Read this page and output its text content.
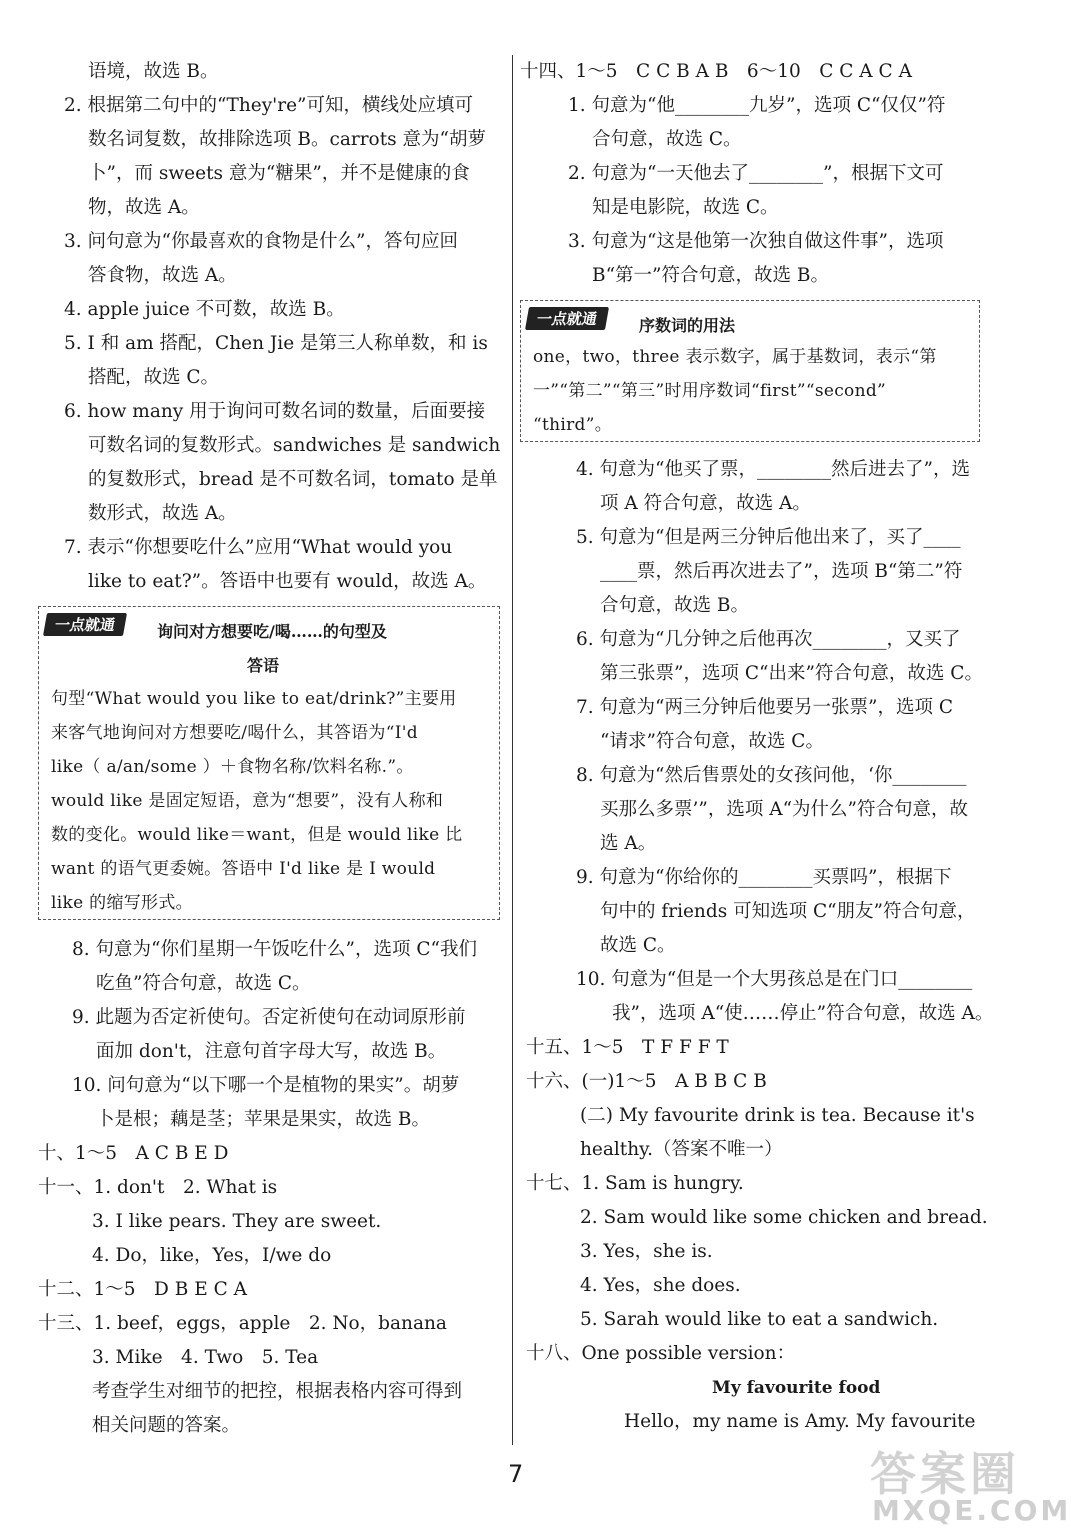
语境，故选 B。
2. 根据第二句中的“They're”可知，横线处应填可
数名词复数，故排除选项 B。carrots 意为“胡萝
卜”，而 sweets 意为“糖果”，并不是健康的食
物，故选 A。
3. 问句意为“你最喜欢的食物是什么”，答句应回
答食物，故选 A。
4. apple juice 不可数，故选 B。
5. I 和 am 搭配，Chen Jie 是第三人称单数，和 is
搭配，故选 C。
6. how many 用于询问可数名词的数量，后面要接
可数名词的复数形式。sandwiches 是 sandwich
的复数形式，bread 是不可数名词，tomato 是单
数形式，故选 A。
7. 表示“你想要吃什么”应用“What would you
like to eat?”。答语中也要有 would，故选 A。
一点就通	询问对方想要吃/喝……的句型及
答语
句型“What would you like to eat/drink?”主要用
来客气地询问对方想要吃/喝什么，其答语为“I'd
like（ a/an/some ）＋食物名称/饮料名称.”。
would like 是固定短语，意为“想要”，没有人称和
数的变化。would like＝want，但是 would like 比
want 的语气更委婉。答语中 I'd like 是 I would
like 的缩写形式。
8. 句意为“你们星期一午饭吃什么”，选项 C“我们
吃鱼”符合句意，故选 C。
9. 此题为否定祈使句。否定祈使句在动词原形前
面加 don't，注意句首字母大写，故选 B。
10. 问句意为“以下哪一个是植物的果实”。胡萝
卜是根；藕是茎；苹果是果实，故选 B。
十、1～5　A C B E D
十一、1. don't　2. What is
3. I like pears. They are sweet.
4. Do，like，Yes，I/we do
十二、1～5　D B E C A
十三、1. beef，eggs，apple　2. No，banana
3. Mike　4. Two　5. Tea
考查学生对细节的把控，根据表格内容可得到
相关问题的答案。
十四、1～5　C C B A B　6～10　C C A C A
1. 句意为“他________九岁”，选项 C“仅仅”符
合句意，故选 C。
2. 句意为“一天他去了________”，根据下文可
知是电影院，故选 C。
3. 句意为“这是他第一次独自做这件事”，选项
B“第一”符合句意，故选 B。
一点就通	序数词的用法
one，two，three 表示数字，属于基数词，表示“第
一”“第二”“第三”时用序数词“first”“second”
“third”。
4. 句意为“他买了票，________然后进去了”，选
项 A 符合句意，故选 A。
5. 句意为“但是两三分钟后他出来了，买了____
____票，然后再次进去了”，选项 B“第二”符
合句意，故选 B。
6. 句意为“几分钟之后他再次________，又买了
第三张票”，选项 C“出来”符合句意，故选 C。
7. 句意为“两三分钟后他要另一张票”，选项 C
“请求”符合句意，故选 C。
8. 句意为“然后售票处的女孩问他，‘你________
买那么多票’”，选项 A“为什么”符合句意，故
选 A。
9. 句意为“你给你的________买票吗”，根据下
句中的 friends 可知选项 C“朋友”符合句意，
故选 C。
10. 句意为“但是一个大男孩总是在门口________
我”，选项 A“使……停止”符合句意，故选 A。
十五、1～5　T F F F T
十六、(一)1～5　A B B C B
(二) My favourite drink is tea. Because it's
healthy.（答案不唯一）
十七、1. Sam is hungry.
2. Sam would like some chicken and bread.
3. Yes，she is.
4. Yes，she does.
5. Sarah would like to eat a sandwich.
十八、One possible version：
My favourite food
Hello，my name is Amy. My favourite
7	答案圈
MXQE.COM
